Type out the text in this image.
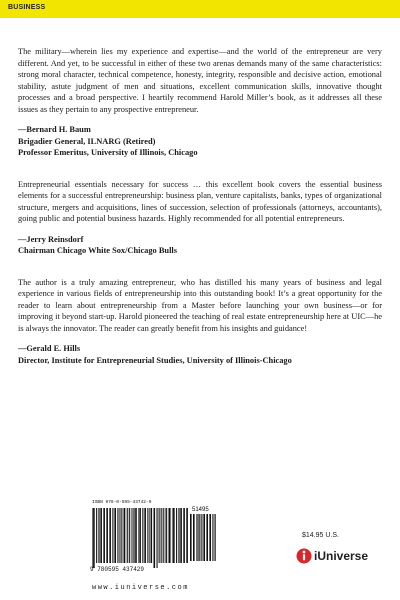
BUSINESS

The military—wherein lies my experience and expertise—and the world of the entrepreneur are very different. And yet, to be successful in either of these two arenas demands many of the same characteristics: strong moral character, technical competence, honesty, integrity, responsible and decisive action, emotional stability, astute judgment of men and situations, excellent communication skills, innovative thought processes and a broad perspective. I heartily recommend Harold Miller’s book, as it addresses all these issues as they pertain to any prospective entrepreneur.

—Bernard H. Baum
Brigadier General, ILNARG (Retired)
Professor Emeritus, University of Illinois, Chicago

Entrepreneurial essentials necessary for success … this excellent book covers the essential business elements for a successful entrepreneurship: business plan, venture capitalists, banks, types of organizational structure, mergers and acquisitions, lines of succession, selection of professionals (attorneys, accountants), going public and potential business hazards. Highly recommended for all potential entrepreneurs.

—Jerry Reinsdorf
Chairman Chicago White Sox/Chicago Bulls

The author is a truly amazing entrepreneur, who has distilled his many years of business and legal experience in various fields of entrepreneurship into this outstanding book! It’s a great opportunity for the reader to learn about entrepreneurship from a Master before launching your own business—or for improving it beyond start-up. Harold pioneered the teaching of real estate entrepreneurship here at UIC—he is always the innovator. The reader can greatly benefit from his insights and guidance!

—Gerald E. Hills
Director, Institute for Entrepreneurial Studies, University of Illinois-Chicago
ISBN 978-0-595-43742-9
51495
9 780595 437429
www.iuniverse.com
$14.95 U.S.
iUniverse
